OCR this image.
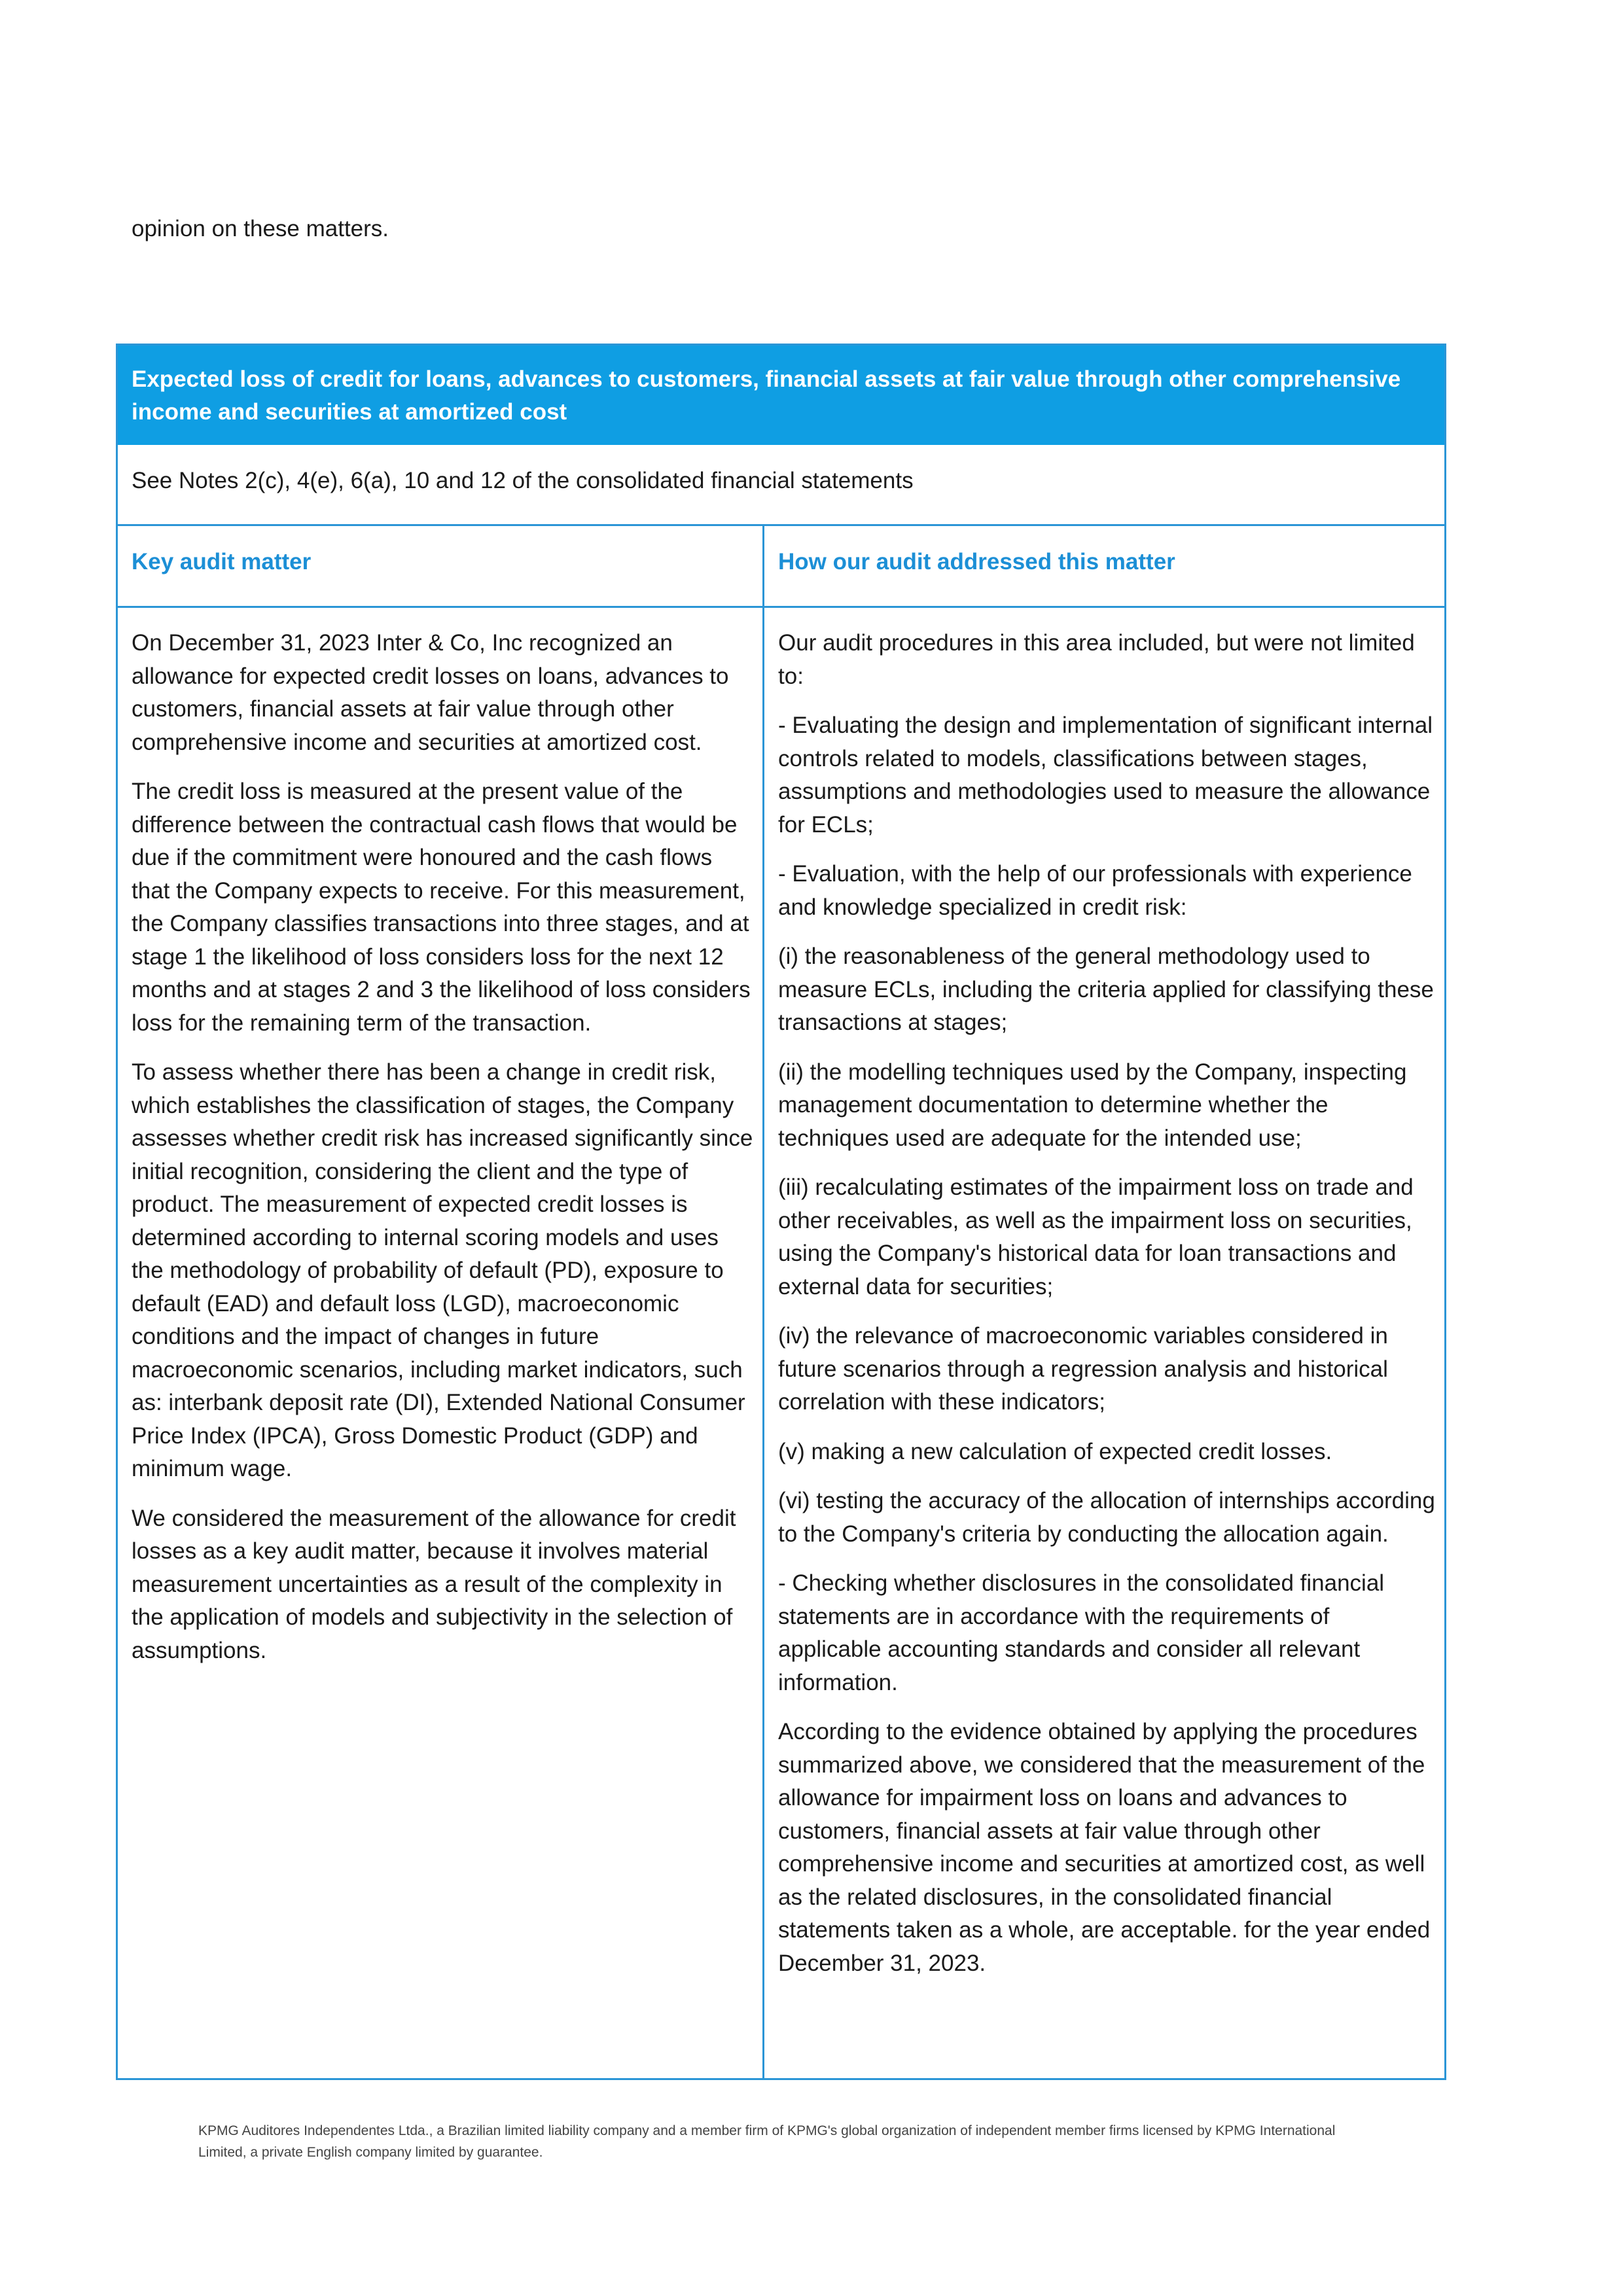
opinion on these matters.

Expected loss of credit for loans, advances to customers, financial assets at fair value through other comprehensive income and securities at amortized cost
See Notes 2(c), 4(e), 6(a), 10 and 12 of the consolidated financial statements
Key audit matter	How our audit addressed this matter

On December 31, 2023 Inter & Co, Inc recognized an allowance for expected credit losses on loans, advances to customers, financial assets at fair value through other comprehensive income and securities at amortized cost.

The credit loss is measured at the present value of the difference between the contractual cash flows that would be due if the commitment were honoured and the cash flows that the Company expects to receive. For this measurement, the Company classifies transactions into three stages, and at stage 1 the likelihood of loss considers loss for the next 12 months and at stages 2 and 3 the likelihood of loss considers loss for the remaining term of the transaction.

To assess whether there has been a change in credit risk, which establishes the classification of stages, the Company assesses whether credit risk has increased significantly since initial recognition, considering the client and the type of product. The measurement of expected credit losses is determined according to internal scoring models and uses the methodology of probability of default (PD), exposure to default (EAD) and default loss (LGD), macroeconomic conditions and the impact of changes in future macroeconomic scenarios, including market indicators, such as: interbank deposit rate (DI), Extended National Consumer Price Index (IPCA), Gross Domestic Product (GDP) and minimum wage.

We considered the measurement of the allowance for credit losses as a key audit matter, because it involves material measurement uncertainties as a result of the complexity in the application of models and subjectivity in the selection of assumptions.

Our audit procedures in this area included, but were not limited to:

- Evaluating the design and implementation of significant internal controls related to models, classifications between stages, assumptions and methodologies used to measure the allowance for ECLs;

- Evaluation, with the help of our professionals with experience and knowledge specialized in credit risk:

(i) the reasonableness of the general methodology used to measure ECLs, including the criteria applied for classifying these transactions at stages;

(ii) the modelling techniques used by the Company, inspecting management documentation to determine whether the techniques used are adequate for the intended use;

(iii) recalculating estimates of the impairment loss on trade and other receivables, as well as the impairment loss on securities, using the Company's historical data for loan transactions and external data for securities;

(iv) the relevance of macroeconomic variables considered in future scenarios through a regression analysis and historical correlation with these indicators;

(v) making a new calculation of expected credit losses.

(vi) testing the accuracy of the allocation of internships according to the Company's criteria by conducting the allocation again.

- Checking whether disclosures in the consolidated financial statements are in accordance with the requirements of applicable accounting standards and consider all relevant information.

According to the evidence obtained by applying the procedures summarized above, we considered that the measurement of the allowance for impairment loss on loans and advances to customers, financial assets at fair value through other comprehensive income and securities at amortized cost, as well as the related disclosures, in the consolidated financial statements taken as a whole, are acceptable. for the year ended December 31, 2023.

KPMG Auditores Independentes Ltda., a Brazilian limited liability company and a member firm of KPMG's global organization of independent member firms licensed by KPMG International Limited, a private English company limited by guarantee.
